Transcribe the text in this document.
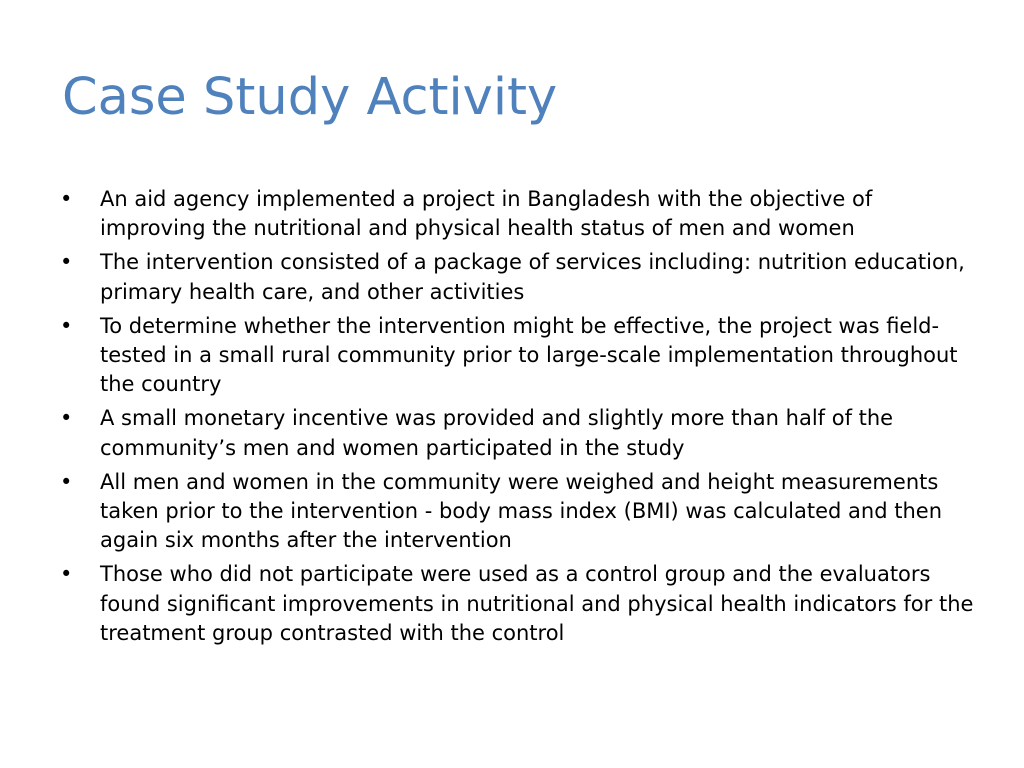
Case Study Activity
• An aid agency implemented a project in Bangladesh with the objective of improving the nutritional and physical health status of men and women
• The intervention consisted of a package of services including: nutrition education, primary health care, and other activities
• To determine whether the intervention might be effective, the project was field-tested in a small rural community prior to large-scale implementation throughout the country
• A small monetary incentive was provided and slightly more than half of the community’s men and women participated in the study
• All men and women in the community were weighed and height measurements taken prior to the intervention - body mass index (BMI) was calculated and then again six months after the intervention
• Those who did not participate were used as a control group and the evaluators found significant improvements in nutritional and physical health indicators for the treatment group contrasted with the control
